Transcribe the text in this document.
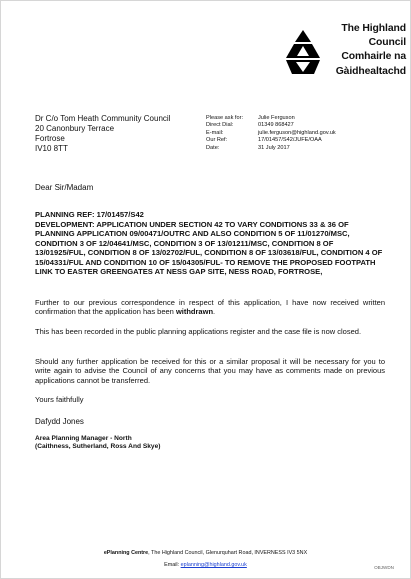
The Highland
Council
Comhairle na
Gàidhealtachd
Dr C/o Tom Heath Community Council
20 Canonbury Terrace
Fortrose
IV10 8TT
Please ask for:	Julie Ferguson
Direct Dial:	01349 868427
E-mail:	julie.ferguson@highland.gov.uk
Our Ref:	17/01457/S42/JUFE/OAA
Date:	31 July 2017
Dear Sir/Madam
PLANNING REF: 17/01457/S42
DEVELOPMENT: APPLICATION UNDER SECTION 42 TO VARY CONDITIONS 33 & 36 OF PLANNING APPLICATION 09/00471/OUTRC AND ALSO CONDITION 5 OF 11/01270/MSC, CONDITION 3 OF 12/04641/MSC, CONDITION 3 OF 13/01211/MSC, CONDITION 8 OF 13/01925/FUL, CONDITION 8 OF 13/02702/FUL, CONDITION 8 OF 13/03618/FUL, CONDITION 4 OF 15/04331/FUL AND CONDITION 10 OF 15/04305/FUL- TO REMOVE THE PROPOSED FOOTPATH LINK TO EASTER GREENGATES AT NESS GAP SITE, NESS ROAD, FORTROSE,
Further to our previous correspondence in respect of this application, I have now received written confirmation that the application has been withdrawn.
This has been recorded in the public planning applications register and the case file is now closed.
Should any further application be received for this or a similar proposal it will be necessary for you to write again to advise the Council of any concerns that you may have as comments made on previous applications cannot be transferred.
Yours faithfully
Dafydd Jones
Area Planning Manager - North
(Caithness, Sutherland, Ross And Skye)
ePlanning Centre, The Highland Council, Glenurquhart Road, INVERNESS IV3 5NX
Email: eplanning@highland.gov.uk	OBJWDN
